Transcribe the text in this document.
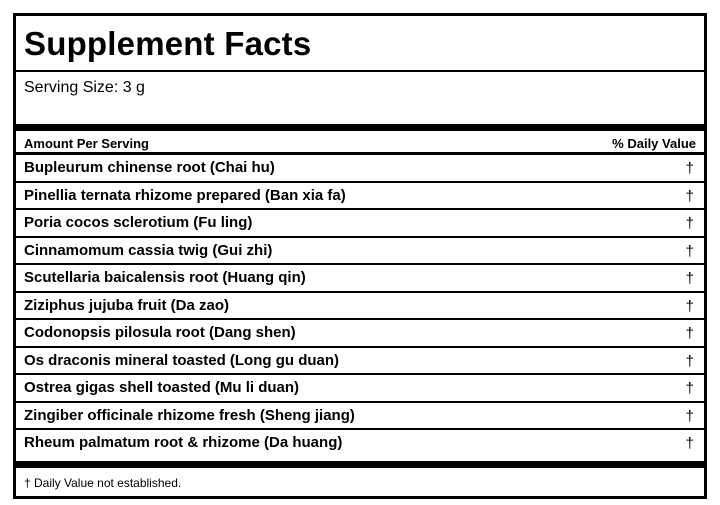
Supplement Facts
Serving Size: 3 g
Amount Per Serving	% Daily Value
Bupleurum chinense root (Chai hu)	†
Pinellia ternata rhizome prepared (Ban xia fa)	†
Poria cocos sclerotium (Fu ling)	†
Cinnamomum cassia twig (Gui zhi)	†
Scutellaria baicalensis root (Huang qin)	†
Ziziphus jujuba fruit (Da zao)	†
Codonopsis pilosula root (Dang shen)	†
Os draconis mineral toasted (Long gu duan)	†
Ostrea gigas shell toasted (Mu li duan)	†
Zingiber officinale rhizome fresh (Sheng jiang)	†
Rheum palmatum root & rhizome (Da huang)	†
† Daily Value not established.
